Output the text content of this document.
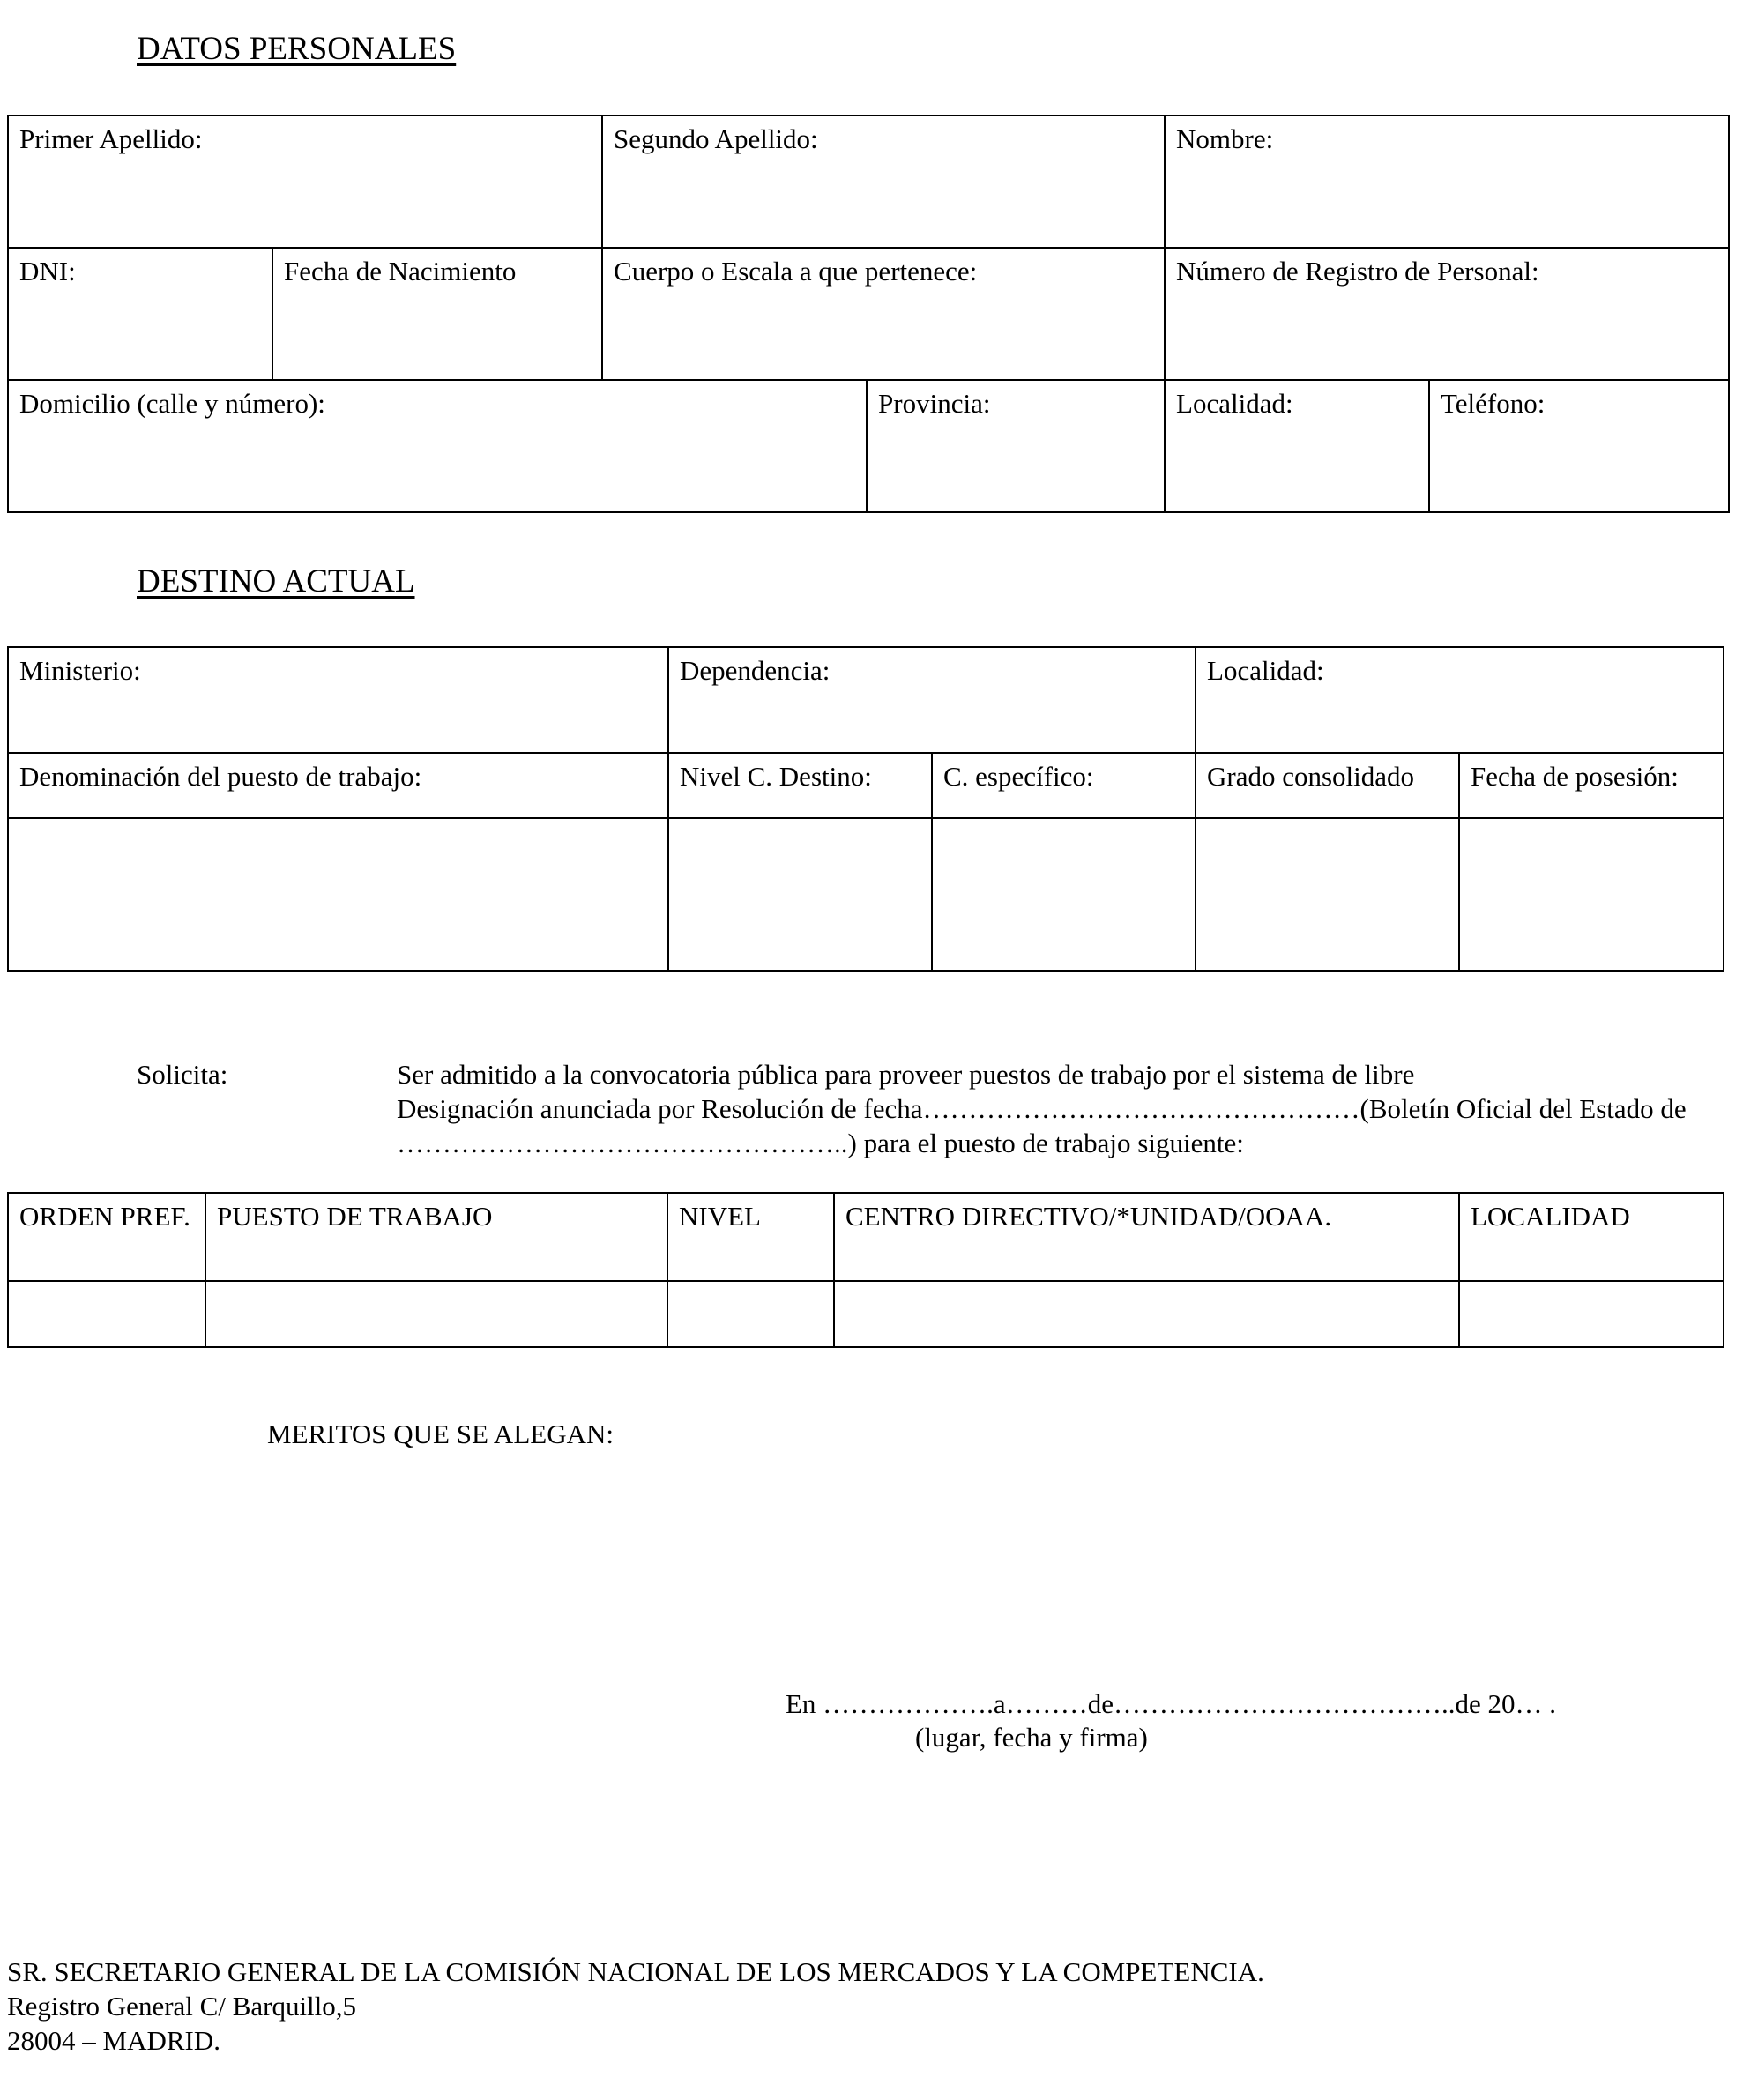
DATOS PERSONALES
Primer Apellido:		Segundo Apellido:		Nombre:	
DNI:	Fecha de Nacimiento	Cuerpo o Escala a que pertenece:		Número de Registro de Personal:	
Domicilio (calle y número):			Provincia:	Localidad:	Teléfono:
DESTINO ACTUAL
Ministerio:	Dependencia:		Localidad:	
Denominación del puesto de trabajo:	Nivel C. Destino:	C. específico:	Grado consolidado	Fecha de posesión:

Solicita:	Ser admitido a la convocatoria pública para proveer puestos de trabajo por el sistema de libre
Designación anunciada por Resolución de fecha…………………………………………(Boletín Oficial del Estado de
…………………………………………..) para el puesto de trabajo siguiente:
ORDEN PREF.	PUESTO DE TRABAJO	NIVEL	CENTRO DIRECTIVO/*UNIDAD/OOAA.	LOCALIDAD

MERITOS QUE SE ALEGAN:
En ……………….a………de………………………………..de 20… .
(lugar, fecha y firma)
SR. SECRETARIO GENERAL DE LA COMISIÓN NACIONAL DE LOS MERCADOS Y LA COMPETENCIA.
Registro General C/ Barquillo,5
28004 – MADRID.
